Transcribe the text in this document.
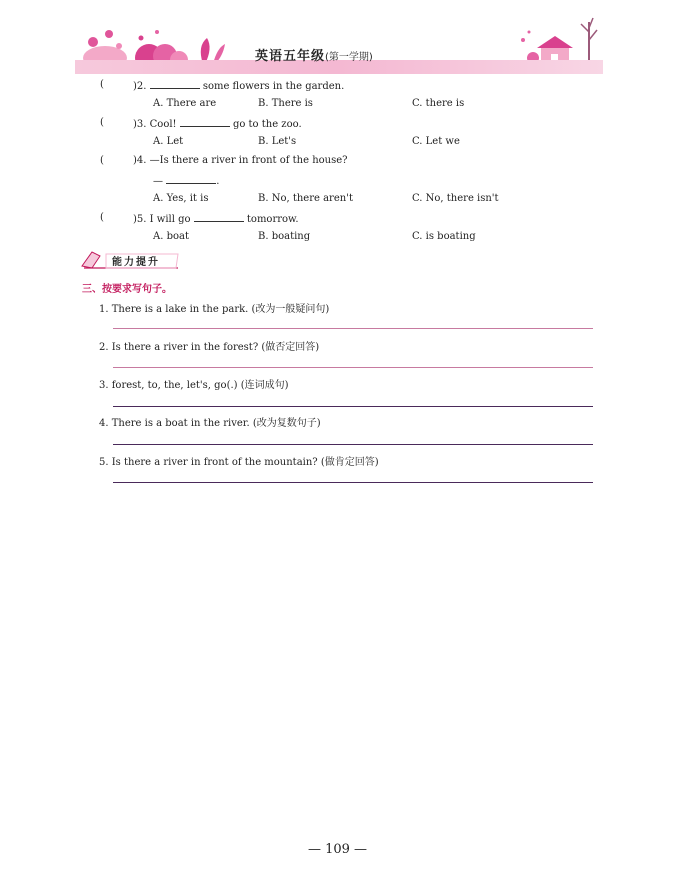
英语五年级(第一学期)
(	)2.	some flowers in the garden.
A. There are	B. There is	C. there is
(	)3. Cool!	go to the zoo.
A. Let	B. Let's	C. Let we
(	)4. —Is there a river in front of the house?
—	.
A. Yes, it is	B. No, there aren't	C. No, there isn't
(	)5. I will go	tomorrow.
A. boat	B. boating	C. is boating
能力提升
三、按要求写句子。
1. There is a lake in the park. (改为一般疑问句)
2. Is there a river in the forest? (做否定回答)
3. forest, to, the, let's, go(.) (连词成句)
4. There is a boat in the river. (改为复数句子)
5. Is there a river in front of the mountain? (做肯定回答)
— 109 —
